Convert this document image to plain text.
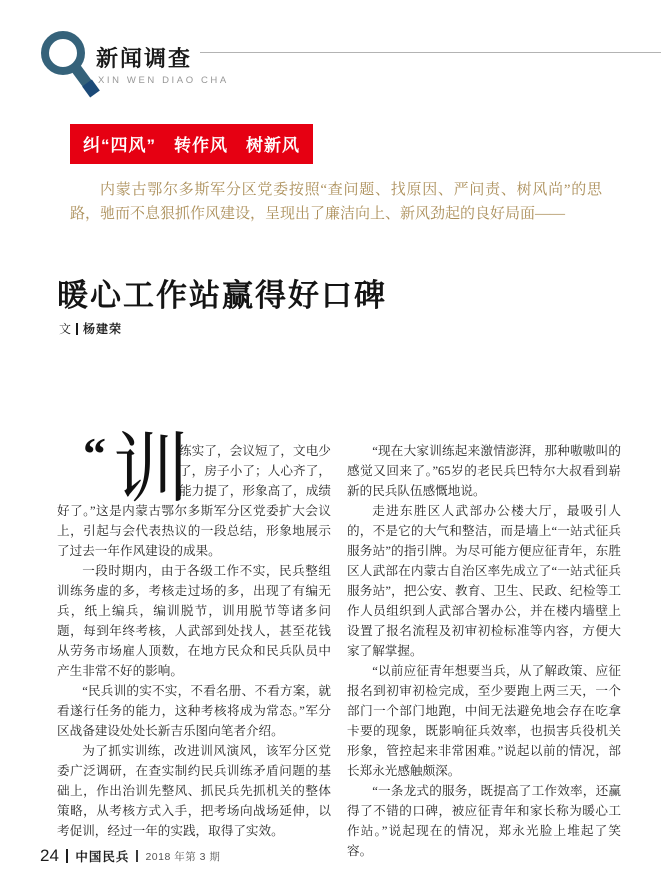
新闻调查
XIN WEN DIAO CHA
纠“四风”　转作风　树新风
内蒙古鄂尔多斯军分区党委按照“查问题、找原因、严问责、树风尚”的思路，驰而不息狠抓作风建设，呈现出了廉洁向上、新风劲起的良好局面——
暖心工作站赢得好口碑
文 杨建荣

“ 训
练实了，会议短了，文电少了，房子小了；人心齐了，能力提了，形象高了，成绩好了。”这是内蒙古鄂尔多斯军分区党委扩大会议上，引起与会代表热议的一段总结，形象地展示了过去一年作风建设的成果。

一段时期内，由于各级工作不实，民兵整组训练务虚的多，考核走过场的多，出现了有编无兵，纸上编兵，编训脱节，训用脱节等诸多问题，每到年终考核，人武部到处找人，甚至花钱从劳务市场雇人顶数，在地方民众和民兵队员中产生非常不好的影响。

“民兵训的实不实，不看名册、不看方案，就看遂行任务的能力，这种考核将成为常态。”军分区战备建设处处长新吉乐图向笔者介绍。

为了抓实训练，改进训风演风，该军分区党委广泛调研，在查实制约民兵训练矛盾问题的基础上，作出治训先整风、抓民兵先抓机关的整体策略，从考核方式入手，把考场向战场延伸，以考促训，经过一年的实践，取得了实效。

“现在大家训练起来激情澎湃，那种嗷嗷叫的感觉又回来了。”65岁的老民兵巴特尔大叔看到崭新的民兵队伍感慨地说。

走进东胜区人武部办公楼大厅，最吸引人的，不是它的大气和整洁，而是墙上“一站式征兵服务站”的指引牌。为尽可能方便应征青年，东胜区人武部在内蒙古自治区率先成立了“一站式征兵服务站”，把公安、教育、卫生、民政、纪检等工作人员组织到人武部合署办公，并在楼内墙壁上设置了报名流程及初审初检标准等内容，方便大家了解掌握。

“以前应征青年想要当兵，从了解政策、应征报名到初审初检完成，至少要跑上两三天，一个部门一个部门地跑，中间无法避免地会存在吃拿卡要的现象，既影响征兵效率，也损害兵役机关形象，管控起来非常困难。”说起以前的情况，部长郑永光感触颇深。

“一条龙式的服务，既提高了工作效率，还赢得了不错的口碑，被应征青年和家长称为暖心工作站。”说起现在的情况，郑永光脸上堆起了笑容。

24 中国民兵 2018 年第 3 期
